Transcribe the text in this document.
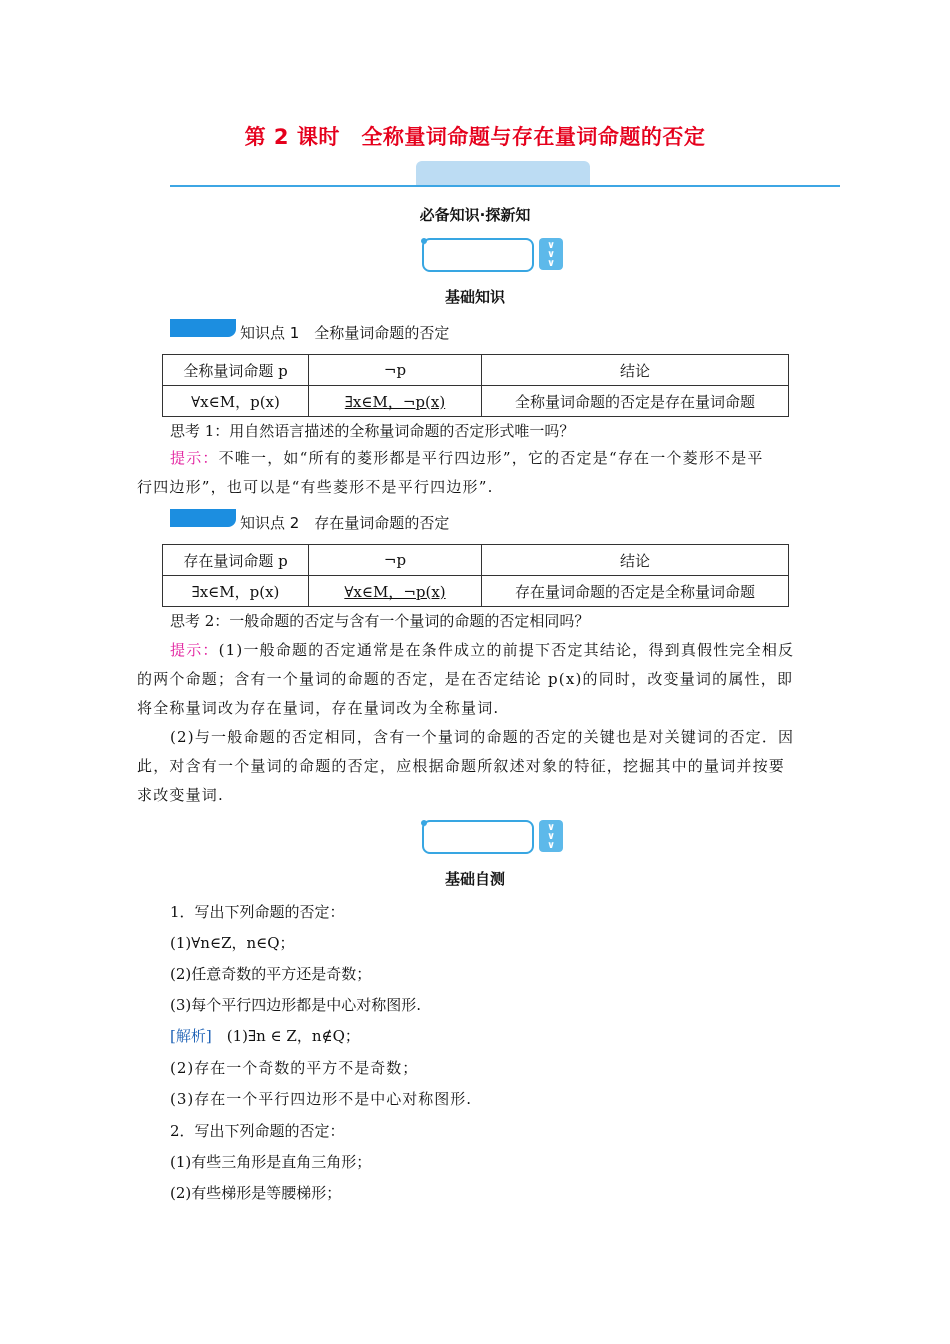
第 2 课时　 全称量词命题与存在量词命题的否定
必备知识·探新知
∨
∨
∨
基础知识
知识点 1　全称量词命题的否定
全称量词命题 p	¬p	结论
∀x∈M，p(x)	∃x∈M，¬p(x)	全称量词命题的否定是存在量词命题
思考 1：用自然语言描述的全称量词命题的否定形式唯一吗？
提示：不唯一，如“所有的菱形都是平行四边形”，它的否定是“存在一个菱形不是平
行四边形”，也可以是“有些菱形不是平行四边形”.
知识点 2　存在量词命题的否定
存在量词命题 p	¬p	结论
∃x∈M，p(x)	∀x∈M，¬p(x)	存在量词命题的否定是全称量词命题
思考 2：一般命题的否定与含有一个量词的命题的否定相同吗？
提示：(1)一般命题的否定通常是在条件成立的前提下否定其结论，得到真假性完全相反
的两个命题；含有一个量词的命题的否定，是在否定结论 p(x)的同时，改变量词的属性，即
将全称量词改为存在量词，存在量词改为全称量词.
(2)与一般命题的否定相同，含有一个量词的命题的否定的关键也是对关键词的否定．因
此，对含有一个量词的命题的否定，应根据命题所叙述对象的特征，挖掘其中的量词并按要
求改变量词.
∨
∨
∨
基础自测
1．写出下列命题的否定：
(1)∀n∈Z，n∈Q；
(2)任意奇数的平方还是奇数；
(3)每个平行四边形都是中心对称图形.
[解析]　 (1)∃n ∈ Z，n∉Q；
(2)存在一个奇数的平方不是奇数；
(3)存在一个平行四边形不是中心对称图形.
2．写出下列命题的否定：
(1)有些三角形是直角三角形；
(2)有些梯形是等腰梯形；
